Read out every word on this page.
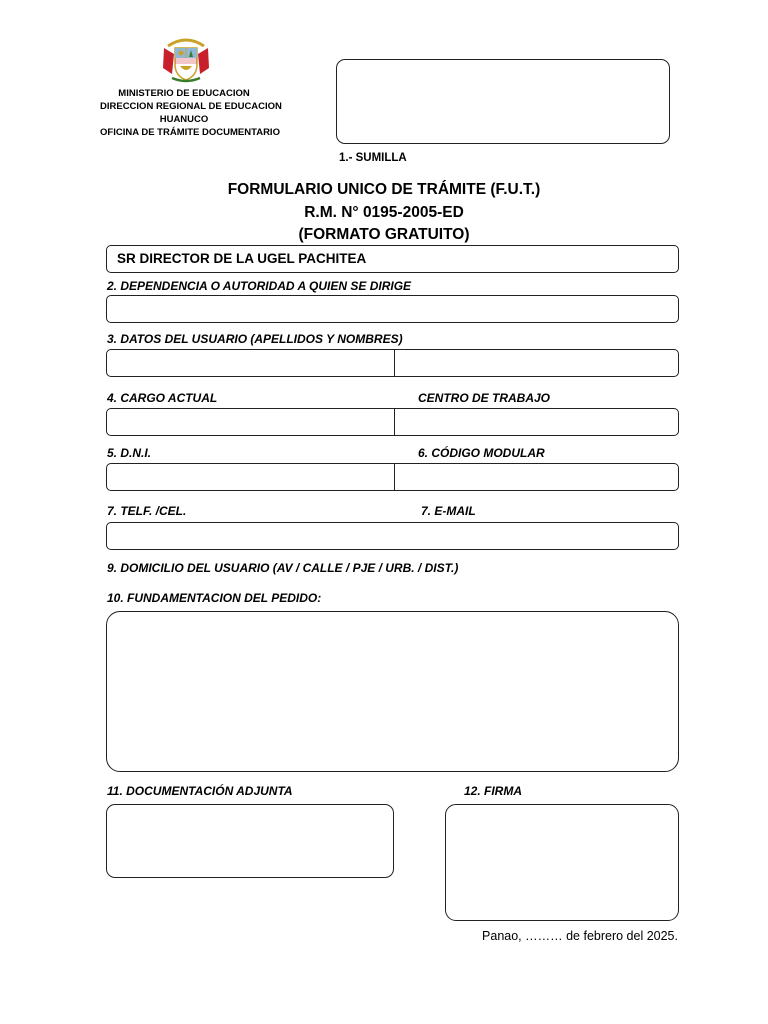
MINISTERIO DE EDUCACION
DIRECCION REGIONAL DE EDUCACION
HUANUCO
OFICINA DE TRÁMITE DOCUMENTARIO
1.- SUMILLA
FORMULARIO UNICO DE TRÁMITE (F.U.T.)
R.M. N° 0195-2005-ED
(FORMATO GRATUITO)
SR DIRECTOR DE LA UGEL PACHITEA
2. DEPENDENCIA O AUTORIDAD A QUIEN SE DIRIGE
3. DATOS DEL USUARIO (APELLIDOS Y NOMBRES)
4. CARGO ACTUAL	CENTRO DE TRABAJO
5. D.N.I.	6. CÓDIGO MODULAR
7. TELF. /CEL.	7. E-MAIL
9. DOMICILIO DEL USUARIO (AV / CALLE / PJE / URB. / DIST.)
10. FUNDAMENTACION DEL PEDIDO:
11. DOCUMENTACIÓN ADJUNTA	12. FIRMA
Panao, ……… de febrero del 2025.
